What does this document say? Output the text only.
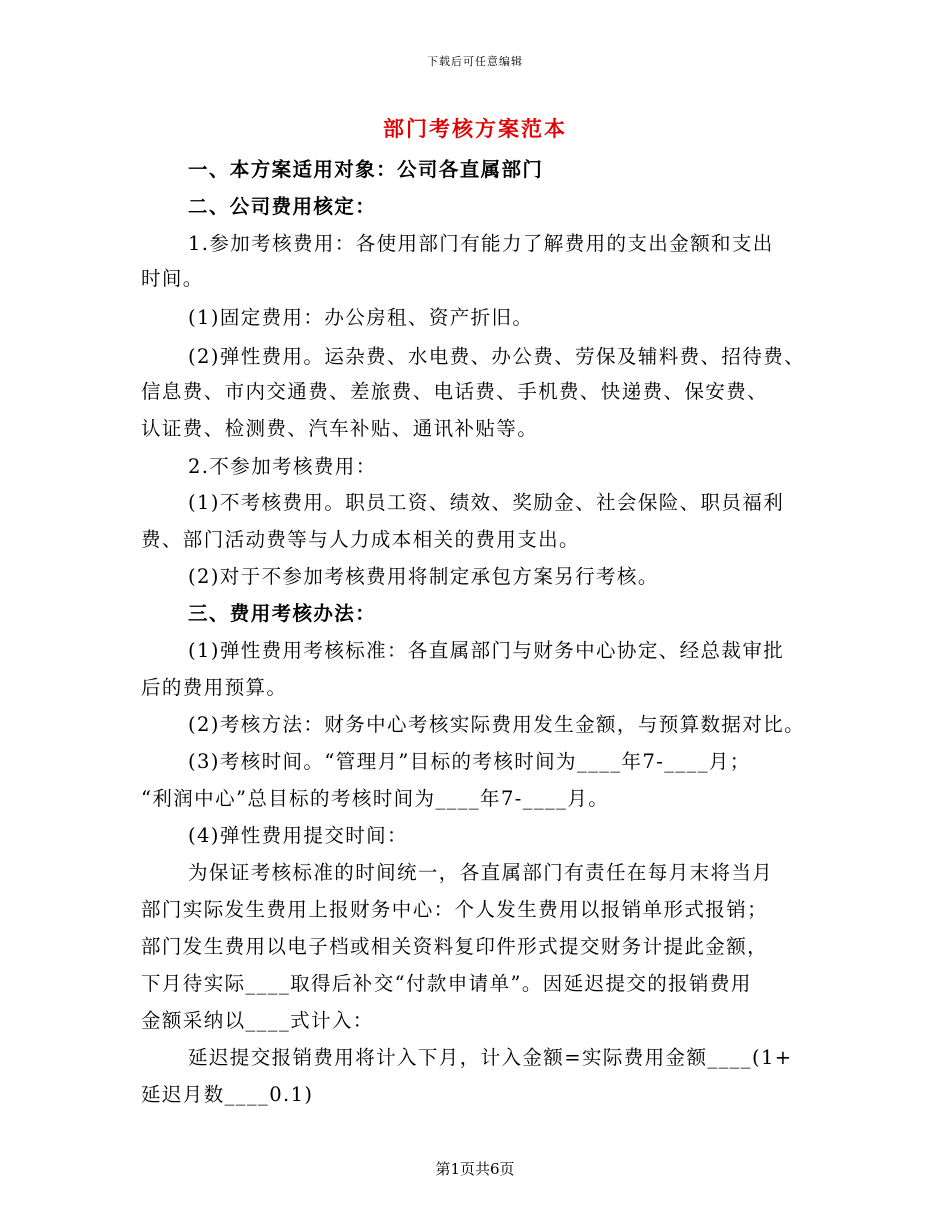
下载后可任意编辑
部门考核方案范本
一、本方案适用对象：公司各直属部门
二、公司费用核定：
1.参加考核费用：各使用部门有能力了解费用的支出金额和支出
时间。
(1)固定费用：办公房租、资产折旧。
(2)弹性费用。运杂费、水电费、办公费、劳保及辅料费、招待费、
信息费、市内交通费、差旅费、电话费、手机费、快递费、保安费、
认证费、检测费、汽车补贴、通讯补贴等。
2.不参加考核费用：
(1)不考核费用。职员工资、绩效、奖励金、社会保险、职员福利
费、部门活动费等与人力成本相关的费用支出。
(2)对于不参加考核费用将制定承包方案另行考核。
三、费用考核办法：
(1)弹性费用考核标准：各直属部门与财务中心协定、经总裁审批
后的费用预算。
(2)考核方法：财务中心考核实际费用发生金额，与预算数据对比。
(3)考核时间。“管理月”目标的考核时间为____年7-____月；
“利润中心”总目标的考核时间为____年7-____月。
(4)弹性费用提交时间：
为保证考核标准的时间统一，各直属部门有责任在每月末将当月
部门实际发生费用上报财务中心：个人发生费用以报销单形式报销；
部门发生费用以电子档或相关资料复印件形式提交财务计提此金额，
下月待实际____取得后补交“付款申请单”。因延迟提交的报销费用
金额采纳以____式计入：
延迟提交报销费用将计入下月，计入金额=实际费用金额____(1+
延迟月数____0.1)
第1页共6页
